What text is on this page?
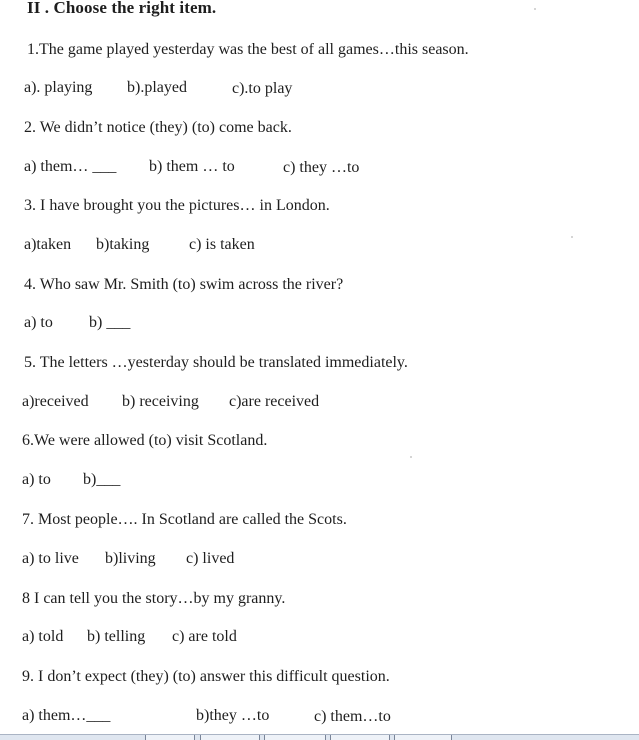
II . Choose the right item.
1.The game played yesterday was the best of all games…this season.
a). playing b).played	c).to play
2. We didn’t notice (they) (to) come back.
a) them… ___ b) them … to	c) they …to
3. I have brought you the pictures… in London.
a)taken b)taking c) is taken
4. Who saw Mr. Smith (to) swim across the river?
a) to b) ___
5. The letters …yesterday should be translated immediately.
a)received b) receiving c)are received
6.We were allowed (to) visit Scotland.
a) to b)___
7. Most people…. In Scotland are called the Scots.
a) to live b)living c) lived
8 I can tell you the story…by my granny.
a) told b) telling c) are told
9. I don’t expect (they) (to) answer this difficult question.
a) them…___	b)they …to	c) them…to
